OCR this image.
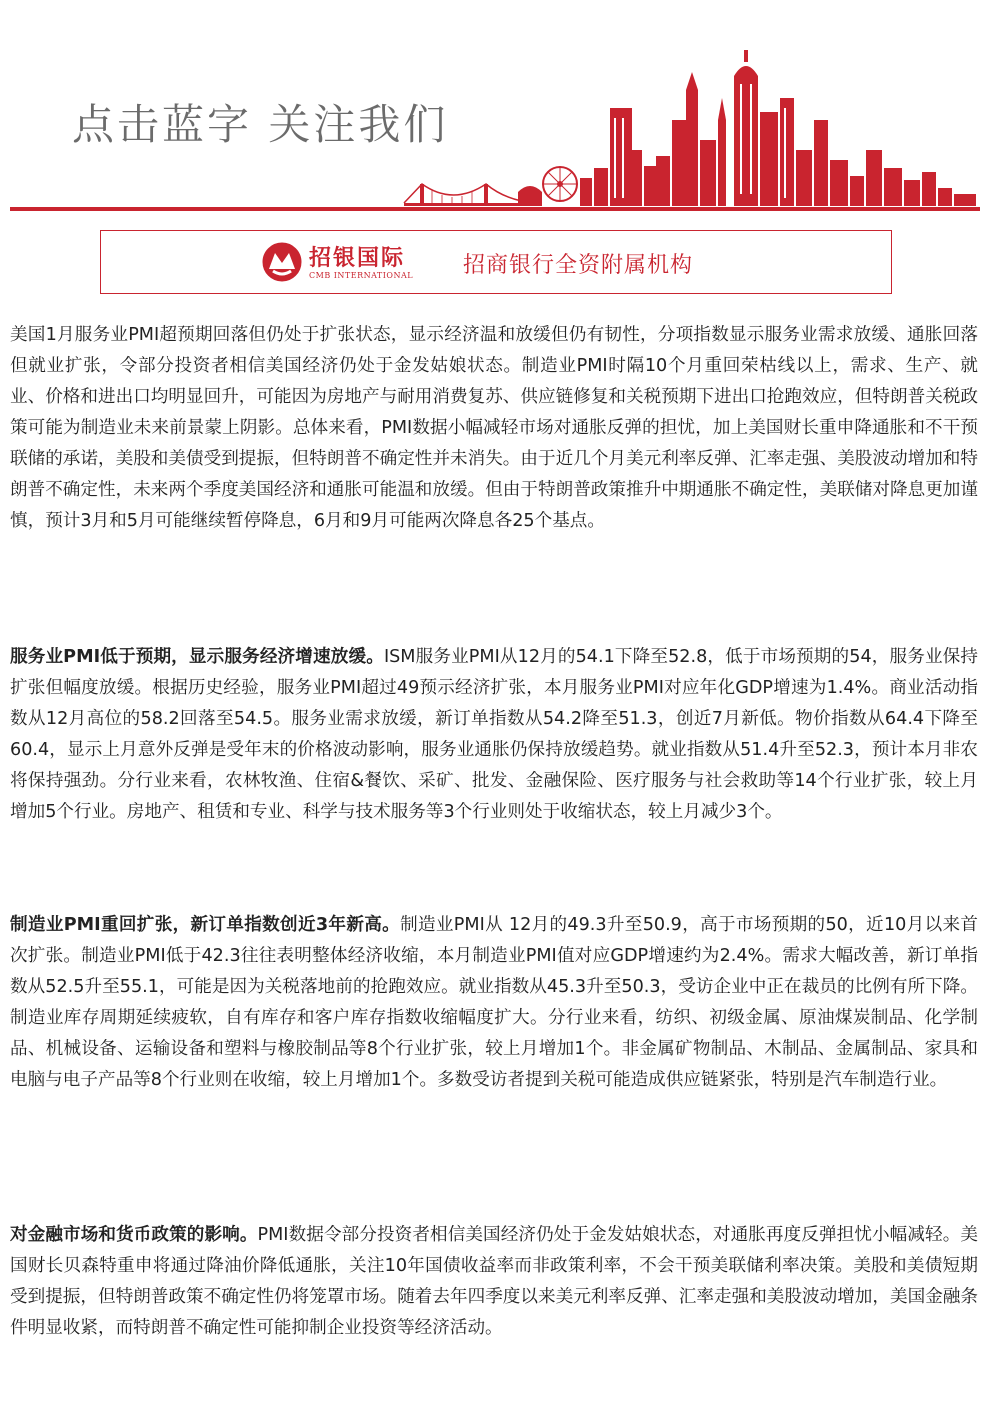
点击蓝字 关注我们
招银国际
CMB INTERNATIONAL 招商银行全资附属机构

美国1月服务业PMI超预期回落但仍处于扩张状态，显示经济温和放缓但仍有韧性，分项指数显示服务业需求放缓、通胀回落但就业扩张，令部分投资者相信美国经济仍处于金发姑娘状态。制造业PMI时隔10个月重回荣枯线以上，需求、生产、就业、价格和进出口均明显回升，可能因为房地产与耐用消费复苏、供应链修复和关税预期下进出口抢跑效应，但特朗普关税政策可能为制造业未来前景蒙上阴影。总体来看，PMI数据小幅减轻市场对通胀反弹的担忧，加上美国财长重申降通胀和不干预联储的承诺，美股和美债受到提振，但特朗普不确定性并未消失。由于近几个月美元利率反弹、汇率走强、美股波动增加和特朗普不确定性，未来两个季度美国经济和通胀可能温和放缓。但由于特朗普政策推升中期通胀不确定性，美联储对降息更加谨慎，预计3月和5月可能继续暂停降息，6月和9月可能两次降息各25个基点。

服务业PMI低于预期，显示服务经济增速放缓。ISM服务业PMI从12月的54.1下降至52.8，低于市场预期的54，服务业保持扩张但幅度放缓。根据历史经验，服务业PMI超过49预示经济扩张，本月服务业PMI对应年化GDP增速为1.4%。商业活动指数从12月高位的58.2回落至54.5。服务业需求放缓，新订单指数从54.2降至51.3，创近7月新低。物价指数从64.4下降至60.4，显示上月意外反弹是受年末的价格波动影响，服务业通胀仍保持放缓趋势。就业指数从51.4升至52.3，预计本月非农将保持强劲。分行业来看，农林牧渔、住宿&餐饮、采矿、批发、金融保险、医疗服务与社会救助等14个行业扩张，较上月增加5个行业。房地产、租赁和专业、科学与技术服务等3个行业则处于收缩状态，较上月减少3个。

制造业PMI重回扩张，新订单指数创近3年新高。制造业PMI从 12月的49.3升至50.9，高于市场预期的50，近10月以来首次扩张。制造业PMI低于42.3往往表明整体经济收缩，本月制造业PMI值对应GDP增速约为2.4%。需求大幅改善，新订单指数从52.5升至55.1，可能是因为关税落地前的抢跑效应。就业指数从45.3升至50.3，受访企业中正在裁员的比例有所下降。制造业库存周期延续疲软，自有库存和客户库存指数收缩幅度扩大。分行业来看，纺织、初级金属、原油煤炭制品、化学制品、机械设备、运输设备和塑料与橡胶制品等8个行业扩张，较上月增加1个。非金属矿物制品、木制品、金属制品、家具和电脑与电子产品等8个行业则在收缩，较上月增加1个。多数受访者提到关税可能造成供应链紧张，特别是汽车制造行业。

对金融市场和货币政策的影响。PMI数据令部分投资者相信美国经济仍处于金发姑娘状态，对通胀再度反弹担忧小幅减轻。美国财长贝森特重申将通过降油价降低通胀，关注10年国债收益率而非政策利率，不会干预美联储利率决策。美股和美债短期受到提振，但特朗普政策不确定性仍将笼罩市场。随着去年四季度以来美元利率反弹、汇率走强和美股波动增加，美国金融条件明显收紧，而特朗普不确定性可能抑制企业投资等经济活动。
